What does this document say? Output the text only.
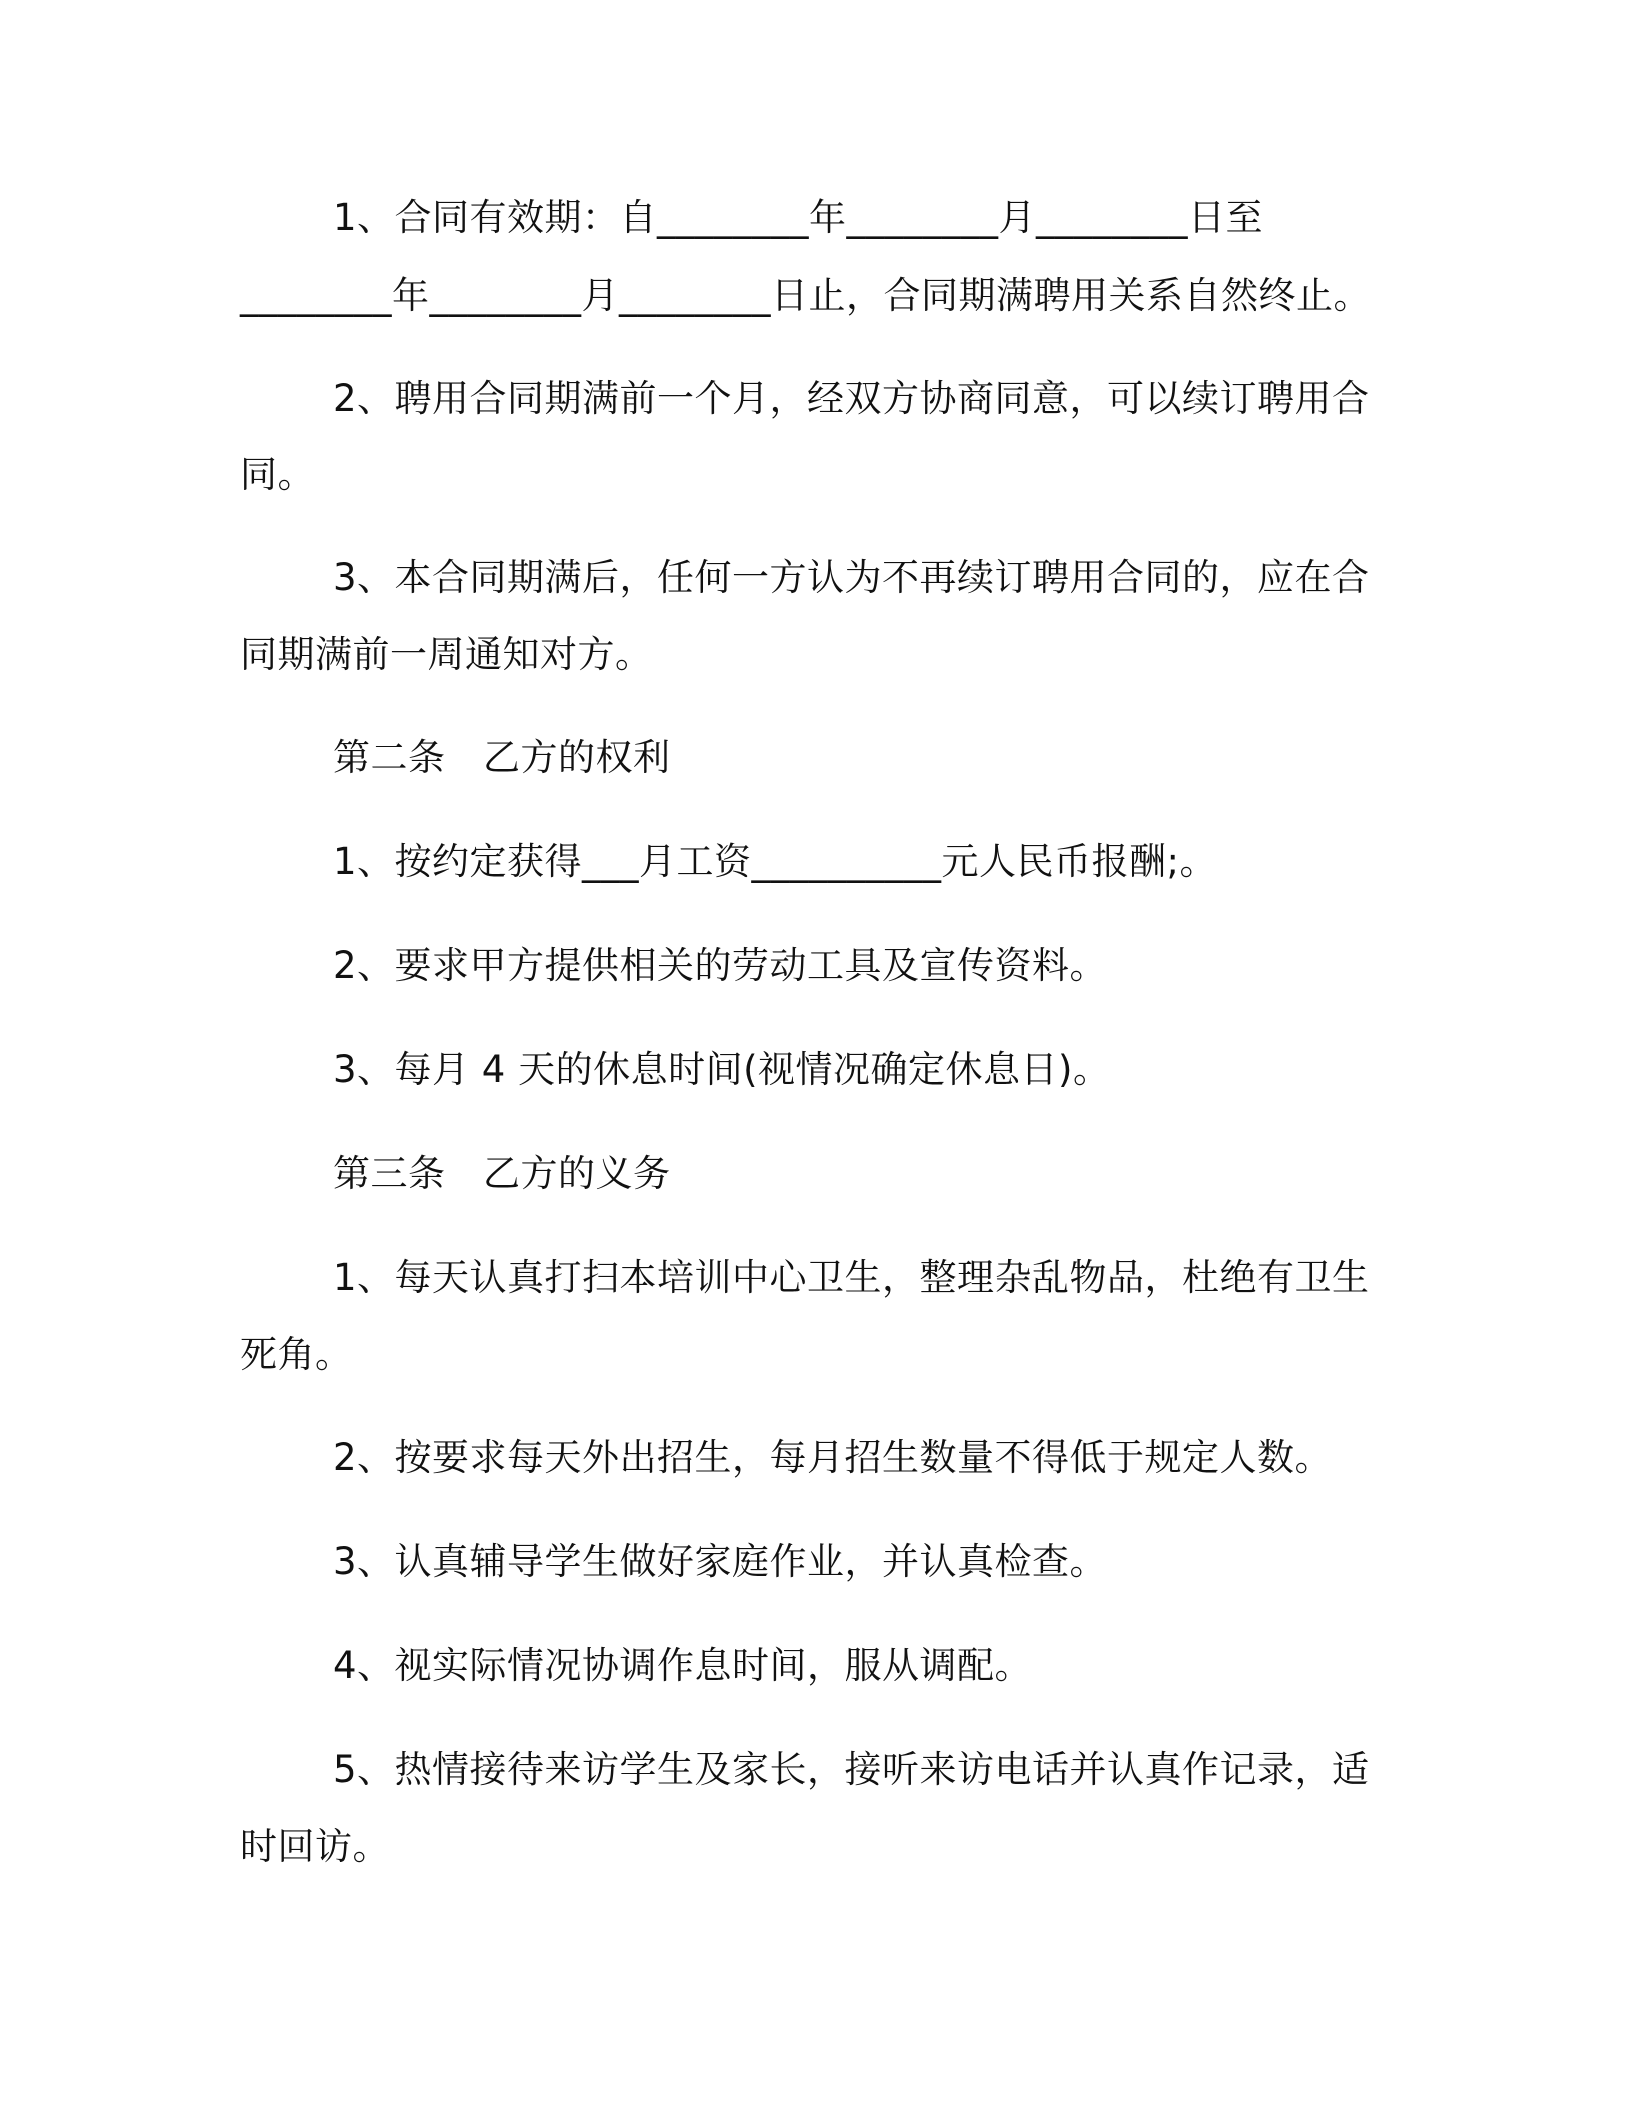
1、合同有效期：自________年________月________日至
________年________月________日止，合同期满聘用关系自然终止。
2、聘用合同期满前一个月，经双方协商同意，可以续订聘用合
同。
3、本合同期满后，任何一方认为不再续订聘用合同的，应在合
同期满前一周通知对方。
第二条　乙方的权利
1、按约定获得___月工资__________元人民币报酬;。
2、要求甲方提供相关的劳动工具及宣传资料。
3、每月 4 天的休息时间(视情况确定休息日)。
第三条　乙方的义务
1、每天认真打扫本培训中心卫生，整理杂乱物品，杜绝有卫生
死角。
2、按要求每天外出招生，每月招生数量不得低于规定人数。
3、认真辅导学生做好家庭作业，并认真检查。
4、视实际情况协调作息时间，服从调配。
5、热情接待来访学生及家长，接听来访电话并认真作记录，适
时回访。
